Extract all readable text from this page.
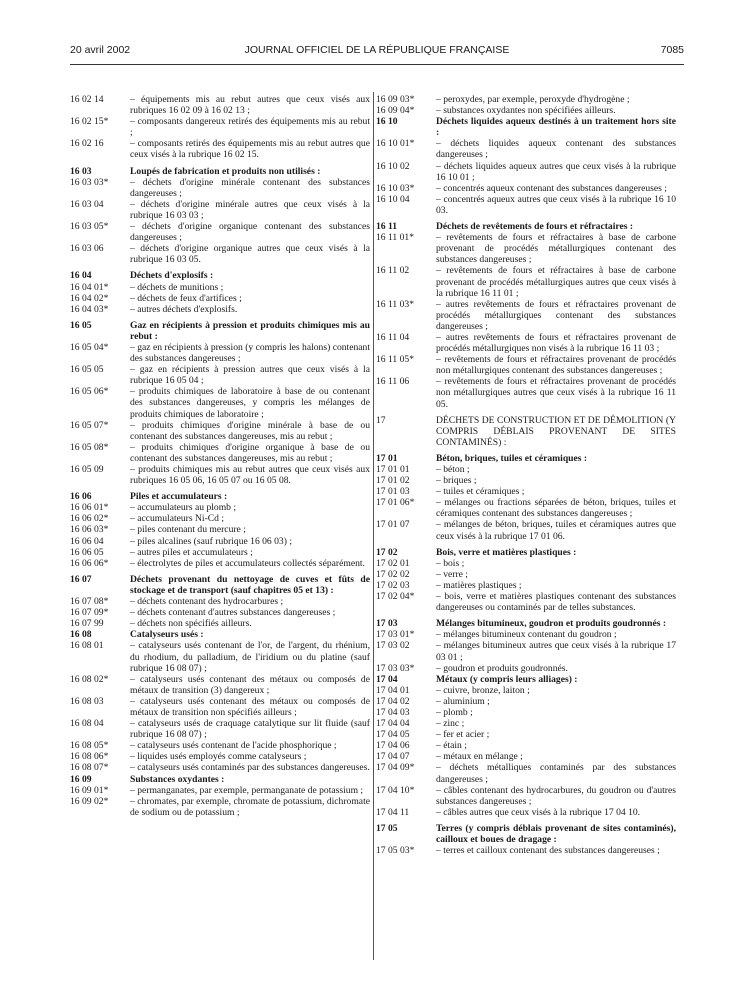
20 avril 2002	JOURNAL OFFICIEL DE LA RÉPUBLIQUE FRANÇAISE	7085
16 02 14	– équipements mis au rebut autres que ceux visés aux rubriques 16 02 09 à 16 02 13 ;
16 02 15*	– composants dangereux retirés des équipements mis au rebut ;
16 02 16	– composants retirés des équipements mis au rebut autres que ceux visés à la rubrique 16 02 15.
16 03	Loupés de fabrication et produits non utilisés :
16 03 03*	– déchets d'origine minérale contenant des substances dangereuses ;
16 03 04	– déchets d'origine minérale autres que ceux visés à la rubrique 16 03 03 ;
16 03 05*	– déchets d'origine organique contenant des substances dangereuses ;
16 03 06	– déchets d'origine organique autres que ceux visés à la rubrique 16 03 05.
16 04	Déchets d'explosifs :
16 04 01*	– déchets de munitions ;
16 04 02*	– déchets de feux d'artifices ;
16 04 03*	– autres déchets d'explosifs.
16 05	Gaz en récipients à pression et produits chimiques mis au rebut :
16 05 04*	– gaz en récipients à pression (y compris les halons) contenant des substances dangereuses ;
16 05 05	– gaz en récipients à pression autres que ceux visés à la rubrique 16 05 04 ;
16 05 06*	– produits chimiques de laboratoire à base de ou contenant des substances dangereuses, y compris les mélanges de produits chimiques de laboratoire ;
16 05 07*	– produits chimiques d'origine minérale à base de ou contenant des substances dangereuses, mis au rebut ;
16 05 08*	– produits chimiques d'origine organique à base de ou contenant des substances dangereuses, mis au rebut ;
16 05 09	– produits chimiques mis au rebut autres que ceux visés aux rubriques 16 05 06, 16 05 07 ou 16 05 08.
16 06	Piles et accumulateurs :
16 06 01*	– accumulateurs au plomb ;
16 06 02*	– accumulateurs Ni-Cd ;
16 06 03*	– piles contenant du mercure ;
16 06 04	– piles alcalines (sauf rubrique 16 06 03) ;
16 06 05	– autres piles et accumulateurs ;
16 06 06*	– électrolytes de piles et accumulateurs collectés séparément.
16 07	Déchets provenant du nettoyage de cuves et fûts de stockage et de transport (sauf chapitres 05 et 13) :
16 07 08*	– déchets contenant des hydrocarbures ;
16 07 09*	– déchets contenant d'autres substances dangereuses ;
16 07 99	– déchets non spécifiés ailleurs.
16 08	Catalyseurs usés :
16 08 01	– catalyseurs usés contenant de l'or, de l'argent, du rhénium, du rhodium, du palladium, de l'iridium ou du platine (sauf rubrique 16 08 07) ;
16 08 02*	– catalyseurs usés contenant des métaux ou composés de métaux de transition (3) dangereux ;
16 08 03	– catalyseurs usés contenant des métaux ou composés de métaux de transition non spécifiés ailleurs ;
16 08 04	– catalyseurs usés de craquage catalytique sur lit fluide (sauf rubrique 16 08 07) ;
16 08 05*	– catalyseurs usés contenant de l'acide phosphorique ;
16 08 06*	– liquides usés employés comme catalyseurs ;
16 08 07*	– catalyseurs usés contaminés par des substances dangereuses.
16 09	Substances oxydantes :
16 09 01*	– permanganates, par exemple, permanganate de potassium ;
16 09 02*	– chromates, par exemple, chromate de potassium, dichromate de sodium ou de potassium ;
16 09 03*	– peroxydes, par exemple, peroxyde d'hydrogène ;
16 09 04*	– substances oxydantes non spécifiées ailleurs.
16 10	Déchets liquides aqueux destinés à un traitement hors site :
16 10 01*	– déchets liquides aqueux contenant des substances dangereuses ;
16 10 02	– déchets liquides aqueux autres que ceux visés à la rubrique 16 10 01 ;
16 10 03*	– concentrés aqueux contenant des substances dangereuses ;
16 10 04	– concentrés aqueux autres que ceux visés à la rubrique 16 10 03.
16 11	Déchets de revêtements de fours et réfractaires :
16 11 01*	– revêtements de fours et réfractaires à base de carbone provenant de procédés métallurgiques contenant des substances dangereuses ;
16 11 02	– revêtements de fours et réfractaires à base de carbone provenant de procédés métallurgiques autres que ceux visés à la rubrique 16 11 01 ;
16 11 03*	– autres revêtements de fours et réfractaires provenant de procédés métallurgiques contenant des substances dangereuses ;
16 11 04	– autres revêtements de fours et réfractaires provenant de procédés métallurgiques non visés à la rubrique 16 11 03 ;
16 11 05*	– revêtements de fours et réfractaires provenant de procédés non métallurgiques contenant des substances dangereuses ;
16 11 06	– revêtements de fours et réfractaires provenant de procédés non métallurgiques autres que ceux visés à la rubrique 16 11 05.
17	DÉCHETS DE CONSTRUCTION ET DE DÉMOLITION (Y COMPRIS DÉBLAIS PROVENANT DE SITES CONTAMINÉS) :
17 01	Béton, briques, tuiles et céramiques :
17 01 01	– béton ;
17 01 02	– briques ;
17 01 03	– tuiles et céramiques ;
17 01 06*	– mélanges ou fractions séparées de béton, briques, tuiles et céramiques contenant des substances dangereuses ;
17 01 07	– mélanges de béton, briques, tuiles et céramiques autres que ceux visés à la rubrique 17 01 06.
17 02	Bois, verre et matières plastiques :
17 02 01	– bois ;
17 02 02	– verre ;
17 02 03	– matières plastiques ;
17 02 04*	– bois, verre et matières plastiques contenant des substances dangereuses ou contaminés par de telles substances.
17 03	Mélanges bitumineux, goudron et produits goudronnés :
17 03 01*	– mélanges bitumineux contenant du goudron ;
17 03 02	– mélanges bitumineux autres que ceux visés à la rubrique 17 03 01 ;
17 03 03*	– goudron et produits goudronnés.
17 04	Métaux (y compris leurs alliages) :
17 04 01	– cuivre, bronze, laiton ;
17 04 02	– aluminium ;
17 04 03	– plomb ;
17 04 04	– zinc ;
17 04 05	– fer et acier ;
17 04 06	– étain ;
17 04 07	– métaux en mélange ;
17 04 09*	– déchets métalliques contaminés par des substances dangereuses ;
17 04 10*	– câbles contenant des hydrocarbures, du goudron ou d'autres substances dangereuses ;
17 04 11	– câbles autres que ceux visés à la rubrique 17 04 10.
17 05	Terres (y compris déblais provenant de sites contaminés), cailloux et boues de dragage :
17 05 03*	– terres et cailloux contenant des substances dangereuses ;
